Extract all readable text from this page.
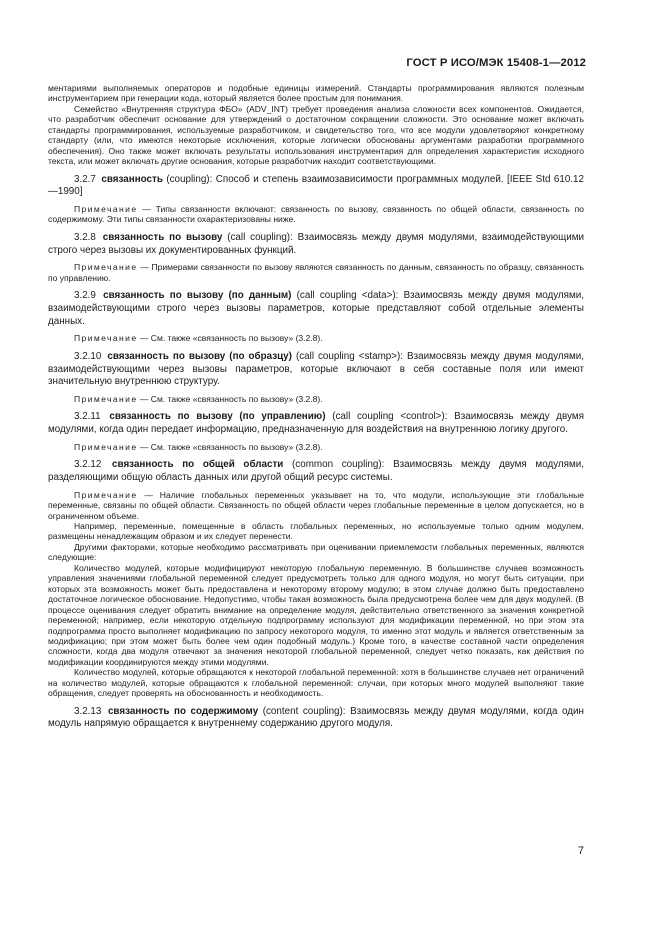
ГОСТ Р ИСО/МЭК 15408-1—2012

ментариями выполняемых операторов и подобные единицы измерений. Стандарты программирования являются полезным инструментарием при генерации кода, который является более простым для понимания.

Семейство «Внутренняя структура ФБО» (ADV_INT) требует проведения анализа сложности всех компонентов. Ожидается, что разработчик обеспечит основание для утверждений о достаточном сокращении сложности. Это основание может включать стандарты программирования, используемые разработчиком, и свидетельство того, что все модули удовлетворяют конкретному стандарту (или, что имеются некоторые исключения, которые логически обоснованы аргументами разработки программного обеспечения). Оно также может включать результаты использования инструментария для определения характеристик исходного текста, или может включать другие основания, которые разработчик находит соответствующими.

3.2.7 связанность (coupling): Способ и степень взаимозависимости программных модулей. [IEEE Std 610.12—1990]

Примечание — Типы связанности включают: связанность по вызову, связанность по общей области, связанность по содержимому. Эти типы связанности охарактеризованы ниже.

3.2.8 связанность по вызову (call coupling): Взаимосвязь между двумя модулями, взаимодействующими строго через вызовы их документированных функций.

Примечание — Примерами связанности по вызову являются связанность по данным, связанность по образцу, связанность по управлению.

3.2.9 связанность по вызову (по данным) (call coupling <data>): Взаимосвязь между двумя модулями, взаимодействующими строго через вызовы параметров, которые представляют собой отдельные элементы данных.

Примечание — См. также «связанность по вызову» (3.2.8).

3.2.10 связанность по вызову (по образцу) (call coupling <stamp>): Взаимосвязь между двумя модулями, взаимодействующими через вызовы параметров, которые включают в себя составные поля или имеют значительную внутреннюю структуру.

Примечание — См. также «связанность по вызову» (3.2.8).

3.2.11 связанность по вызову (по управлению) (call coupling <control>): Взаимосвязь между двумя модулями, когда один передает информацию, предназначенную для воздействия на внутреннюю логику другого.

Примечание — См. также «связанность по вызову» (3.2.8).

3.2.12 связанность по общей области (common coupling): Взаимосвязь между двумя модулями, разделяющими общую область данных или другой общий ресурс системы.

Примечание — Наличие глобальных переменных указывает на то, что модули, использующие эти глобальные переменные, связаны по общей области. Связанность по общей области через глобальные переменные в целом допускается, но в ограниченном объеме.

Например, переменные, помещенные в область глобальных переменных, но используемые только одним модулем, размещены ненадлежащим образом и их следует перенести.

Другими факторами, которые необходимо рассматривать при оценивании приемлемости глобальных переменных, являются следующие:

Количество модулей, которые модифицируют некоторую глобальную переменную. В большинстве случаев возможность управления значениями глобальной переменной следует предусмотреть только для одного модуля, но могут быть ситуации, при которых эта возможность может быть предоставлена и некоторому второму модулю; в этом случае должно быть предоставлено достаточное логическое обоснование. Недопустимо, чтобы такая возможность была предусмотрена более чем для двух модулей. (В процессе оценивания следует обратить внимание на определение модуля, действительно ответственного за значения конкретной переменной; например, если некоторую отдельную подпрограмму используют для модификации переменной, но при этом эта подпрограмма просто выполняет модификацию по запросу некоторого модуля, то именно этот модуль и является ответственным за модификацию; при этом может быть более чем один подобный модуль.) Кроме того, в качестве составной части определения сложности, когда два модуля отвечают за значения некоторой глобальной переменной, следует четко показать, как действия по модификации координируются между этими модулями.

Количество модулей, которые обращаются к некоторой глобальной переменной: хотя в большинстве случаев нет ограничений на количество модулей, которые обращаются к глобальной переменной: случаи, при которых много модулей выполняют такие обращения, следует проверять на обоснованность и необходимость.

3.2.13 связанность по содержимому (content coupling): Взаимосвязь между двумя модулями, когда один модуль напрямую обращается к внутреннему содержанию другого модуля.

7
